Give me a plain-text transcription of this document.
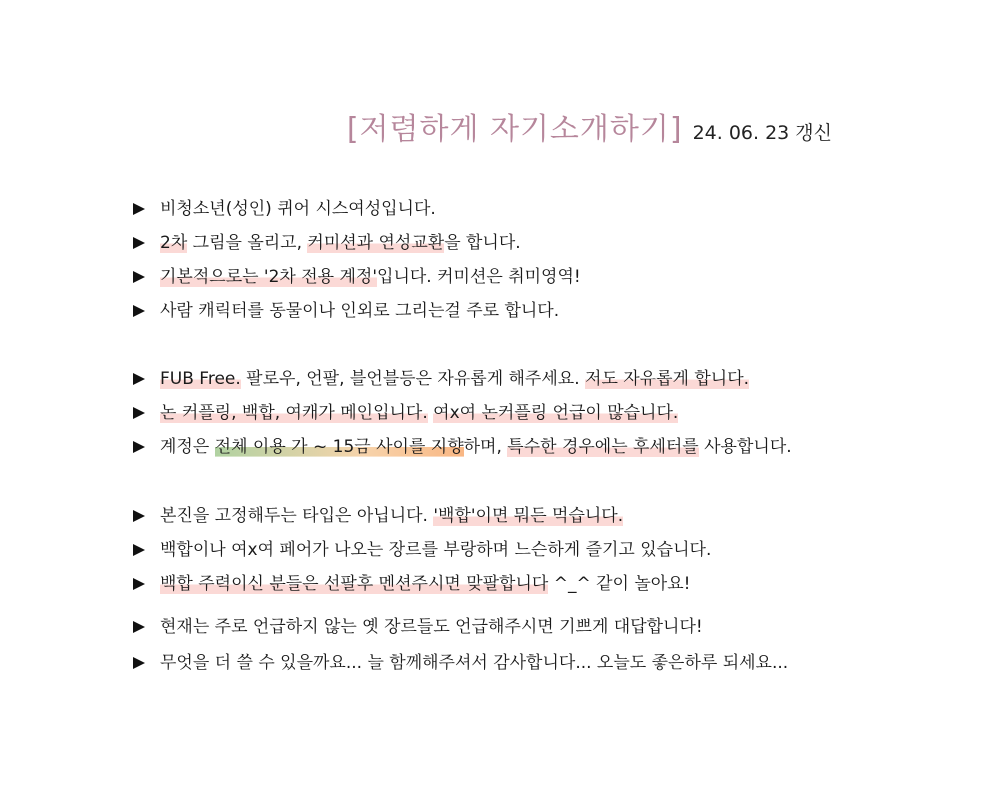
[저렴하게 자기소개하기] 24. 06. 23 갱신
비청소년(성인) 퀴어 시스여성입니다.
2차 그림을 올리고, 커미션과 연성교환을 합니다.
기본적으로는 '2차 전용 계정'입니다. 커미션은 취미영역!
사람 캐릭터를 동물이나 인외로 그리는걸 주로 합니다.
FUB Free. 팔로우, 언팔, 블언블등은 자유롭게 해주세요. 저도 자유롭게 합니다.
논 커플링, 백합, 여캐가 메인입니다. 여x여 논커플링 언급이 많습니다.
계정은 전체 이용 가 ~ 15금 사이를 지향하며, 특수한 경우에는 후세터를 사용합니다.
본진을 고정해두는 타입은 아닙니다. '백합'이면 뭐든 먹습니다.
백합이나 여x여 페어가 나오는 장르를 부랑하며 느슨하게 즐기고 있습니다.
백합 주력이신 분들은 선팔후 멘션주시면 맞팔합니다 ^_^ 같이 놀아요!
현재는 주로 언급하지 않는 옛 장르들도 언급해주시면 기쁘게 대답합니다!
무엇을 더 쓸 수 있을까요... 늘 함께해주셔서 감사합니다... 오늘도 좋은하루 되세요...
